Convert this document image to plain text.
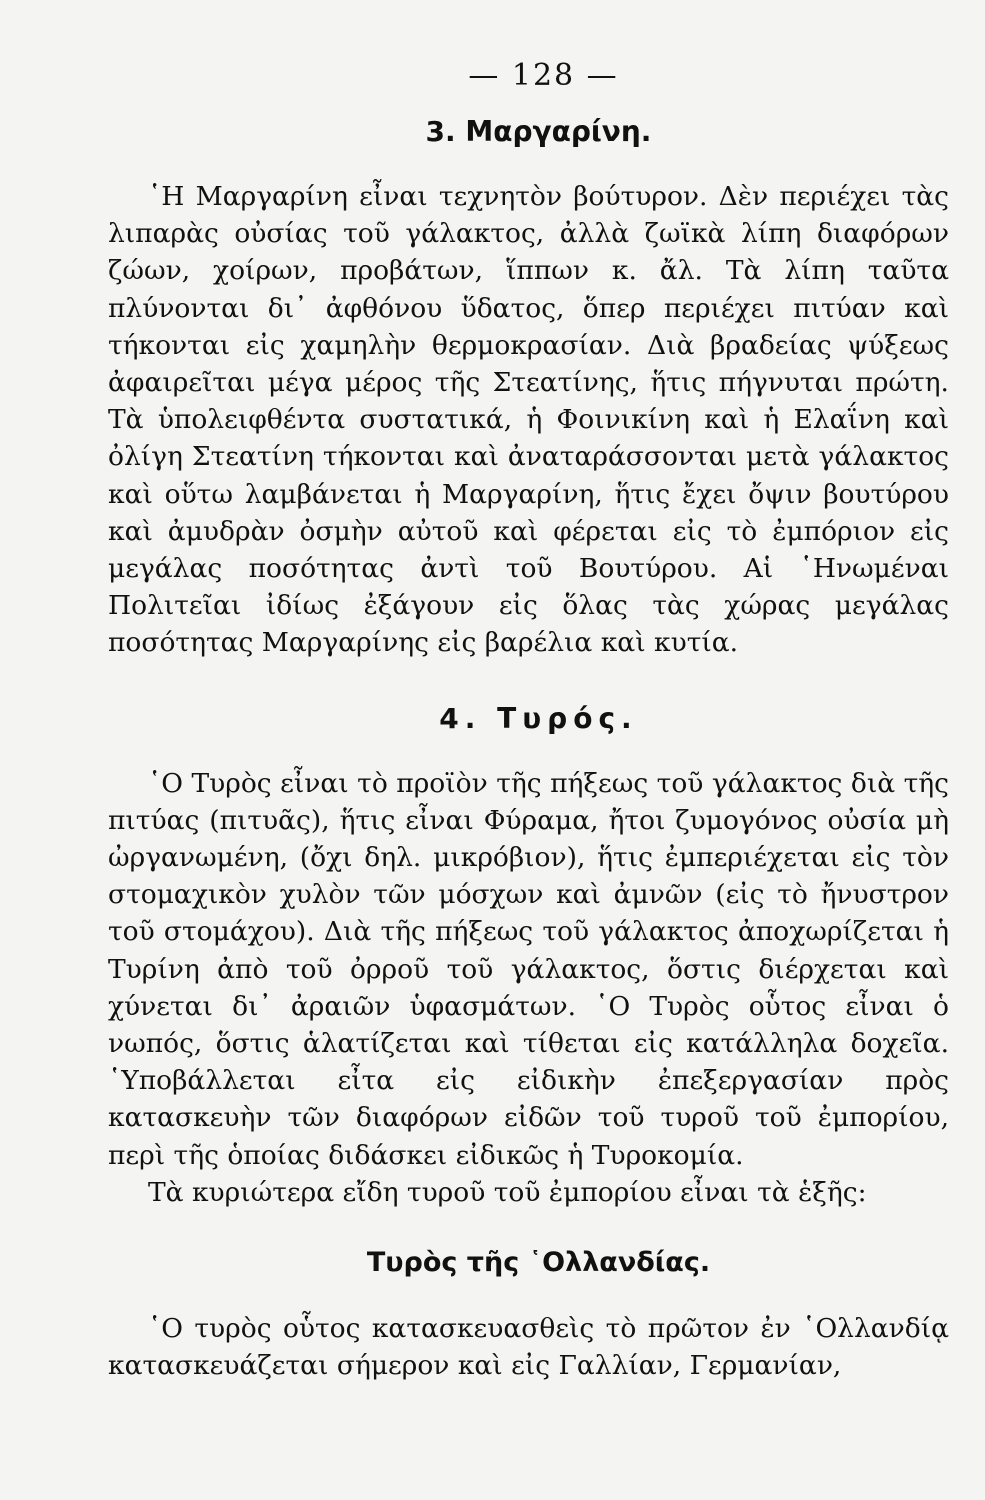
— 128 —
3. Μαργαρίνη.

῾Η Μαργαρίνη εἶναι τεχνητὸν βούτυρον. Δὲν περιέχει τὰς λιπαρὰς οὐσίας τοῦ γάλακτος, ἀλλὰ ζωϊκὰ λίπη διαφόρων ζώων, χοίρων, προβάτων, ἵππων κ. ἄλ. Τὰ λίπη ταῦτα πλύνονται δι᾿ ἀφθόνου ὕδατος, ὅπερ περιέχει πιτύαν καὶ τήκονται εἰς χαμηλὴν θερμοκρασίαν. Διὰ βραδείας ψύξεως ἀφαιρεῖται μέγα μέρος τῆς Στεατίνης, ἥτις πήγνυται πρώτη. Τὰ ὑπολειφθέντα συστατικά, ἡ Φοινικίνη καὶ ἡ Ελαΐνη καὶ ὀλίγη Στεατίνη τήκονται καὶ ἀναταράσσονται μετὰ γάλακτος καὶ οὕτω λαμβάνεται ἡ Μαργαρίνη, ἥτις ἔχει ὄψιν βουτύρου καὶ ἀμυδρὰν ὀσμὴν αὐτοῦ καὶ φέρεται εἰς τὸ ἐμπόριον εἰς μεγάλας ποσότητας ἀντὶ τοῦ Βουτύρου. Αἱ ῾Ηνωμέναι Πολιτεῖαι ἰδίως ἐξάγουν εἰς ὅλας τὰς χώρας μεγάλας ποσότητας Μαργαρίνης εἰς βαρέλια καὶ κυτία.

4. Τυρός.

῾Ο Τυρὸς εἶναι τὸ προϊὸν τῆς πήξεως τοῦ γάλακτος διὰ τῆς πιτύας (πιτυᾶς), ἥτις εἶναι Φύραμα, ἤτοι ζυμογόνος οὐσία μὴ ὠργανωμένη, (ὄχι δηλ. μικρόβιον), ἥτις ἐμπεριέχεται εἰς τὸν στομαχικὸν χυλὸν τῶν μόσχων καὶ ἀμνῶν (εἰς τὸ ἤνυστρον τοῦ στομάχου). Διὰ τῆς πήξεως τοῦ γάλακτος ἀποχωρίζεται ἡ Τυρίνη ἀπὸ τοῦ ὀρροῦ τοῦ γάλακτος, ὅστις διέρχεται καὶ χύνεται δι᾿ ἀραιῶν ὑφασμάτων. ῾Ο Τυρὸς οὗτος εἶναι ὁ νωπός, ὅστις ἁλατίζεται καὶ τίθεται εἰς κατάλληλα δοχεῖα. ῾Υποβάλλεται εἶτα εἰς εἰδικὴν ἐπεξεργασίαν πρὸς κατασκευὴν τῶν διαφόρων εἰδῶν τοῦ τυροῦ τοῦ ἐμπορίου, περὶ τῆς ὁποίας διδάσκει εἰδικῶς ἡ Τυροκομία.

Τὰ κυριώτερα εἴδη τυροῦ τοῦ ἐμπορίου εἶναι τὰ ἑξῆς:

Τυρὸς τῆς ῾Ολλανδίας.

῾Ο τυρὸς οὗτος κατασκευασθεὶς τὸ πρῶτον ἐν ῾Ολλανδίᾳ κατασκευάζεται σήμερον καὶ εἰς Γαλλίαν, Γερμανίαν,
